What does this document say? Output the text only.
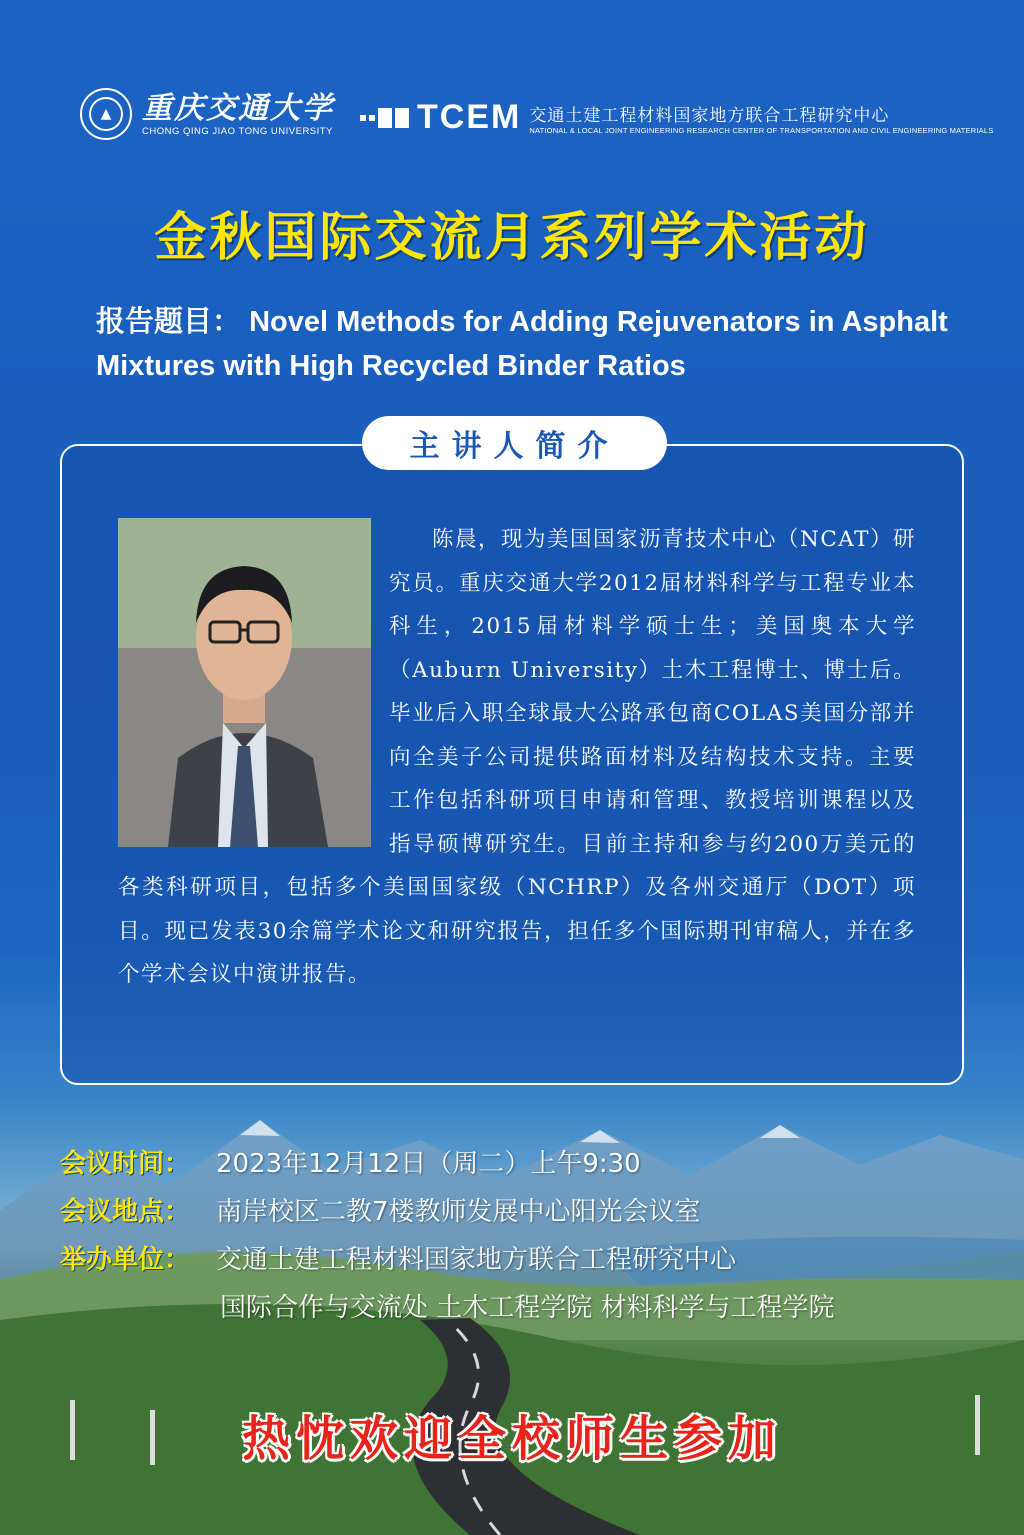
▲	重庆交通大学
CHONG QING JIAO TONG UNIVERSITY TCEM 交通土建工程材料国家地方联合工程研究中心
NATIONAL & LOCAL JOINT ENGINEERING RESEARCH CENTER OF TRANSPORTATION AND CIVIL ENGINEERING MATERIALS
金秋国际交流月系列学术活动
报告题目： Novel Methods for Adding Rejuvenators in Asphalt Mixtures with High Recycled Binder Ratios
主讲人简介

陈晨，现为美国国家沥青技术中心（NCAT）研究员。重庆交通大学2012届材料科学与工程专业本科生，2015届材料学硕士生；美国奥本大学（Auburn University）土木工程博士、博士后。毕业后入职全球最大公路承包商COLAS美国分部并向全美子公司提供路面材料及结构技术支持。主要工作包括科研项目申请和管理、教授培训课程以及指导硕博研究生。目前主持和参与约200万美元的各类科研项目，包括多个美国国家级（NCHRP）及各州交通厅（DOT）项目。现已发表30余篇学术论文和研究报告，担任多个国际期刊审稿人，并在多个学术会议中演讲报告。

会议时间： 2023年12月12日（周二）上午9:30
会议地点： 南岸校区二教7楼教师发展中心阳光会议室
举办单位： 交通土建工程材料国家地方联合工程研究中心
国际合作与交流处 土木工程学院 材料科学与工程学院
热忱欢迎全校师生参加
